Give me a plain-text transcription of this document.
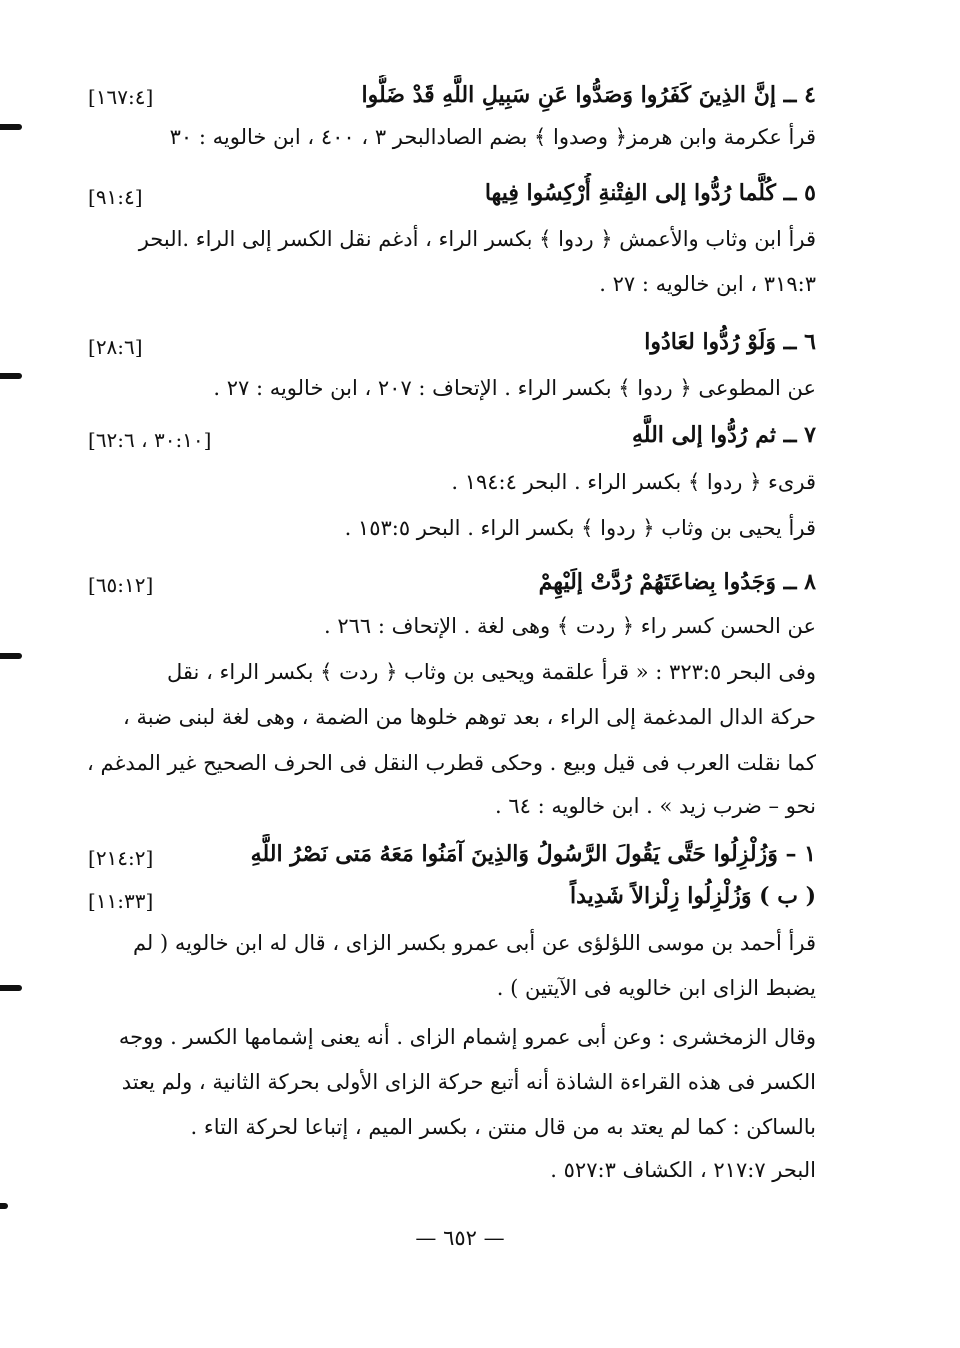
٤ ــ إنَّ الذِينَ كَفَرُوا وَصَدُّوا عَنِ سَبِيلِ اللَّهِ قَدْ ضَلُّوا
[١٦٧:٤]
قرأ عكرمة وابن هرمز﴿ وصدوا ﴾ بضم الصادالبحر ٣ ، ٤٠٠ ، ابن خالويه : ٣٠
٥ ــ كُلَّما رُدُّوا إلى الفِتْنةِ أُرْكِسُوا فِيها
[٩١:٤]
قرأ ابن وثاب والأعمش ﴿ ردوا ﴾ بكسر الراء ، أدغم نقل الكسر إلى الراء .البحر
٣١٩:٣ ، ابن خالويه : ٢٧ .
٦ ــ وَلَوْ رُدُّوا لعَادُوا
[٢٨:٦]
عن المطوعى ﴿ ردوا ﴾ بكسر الراء . الإتحاف : ٢٠٧ ، ابن خالويه : ٢٧ .
٧ ــ ثم رُدُّوا إلى اللَّهِ
[٣٠:١٠ ، ٦٢:٦]
قرىء ﴿ ردوا ﴾ بكسر الراء . البحر ١٩٤:٤ .
قرأ يحيى بن وثاب ﴿ ردوا ﴾ بكسر الراء . البحر ١٥٣:٥ .
٨ ــ وَجَدُوا بِضاعَتَهُمْ رُدَّتْ إلَيْهِمْ
[٦٥:١٢]
عن الحسن كسر راء ﴿ ردت ﴾ وهى لغة . الإتحاف : ٢٦٦ .
وفى البحر ٣٢٣:٥ : « قرأ علقمة ويحيى بن وثاب ﴿ ردت ﴾ بكسر الراء ، نقل
حركة الدال المدغمة إلى الراء ، بعد توهم خلوها من الضمة ، وهى لغة لبنى ضبة ،
كما نقلت العرب فى قيل وبيع . وحكى قطرب النقل فى الحرف الصحيح غير المدغم ،
نحو – ضرب زيد » . ابن خالويه : ٦٤ .
١ – وَزُلْزِلُوا حَتَّى يَقُولَ الرَّسُولُ وَالذِينَ آمَنُوا مَعَهُ مَتى نَصْرُ اللَّهِ
[٢١٤:٢]
( ب ) وَزُلْزِلُوا زِلْزالاً شَدِيداً
[١١:٣٣]
قرأ أحمد بن موسى اللؤلؤى عن أبى عمرو بكسر الزاى ، قال له ابن خالويه ( لم
يضبط الزاى ابن خالويه فى الآيتين ) .
وقال الزمخشرى : وعن أبى عمرو إشمام الزاى . أنه يعنى إشمامها الكسر . ووجه
الكسر فى هذه القراءة الشاذة أنه أتبع حركة الزاى الأولى بحركة الثانية ، ولم يعتد
بالساكن : كما لم يعتد به من قال منتن ، بكسر الميم ، إتباعا لحركة التاء .
البحر ٢١٧:٧ ، الكشاف ٥٢٧:٣ .
— ٦٥٢ —
